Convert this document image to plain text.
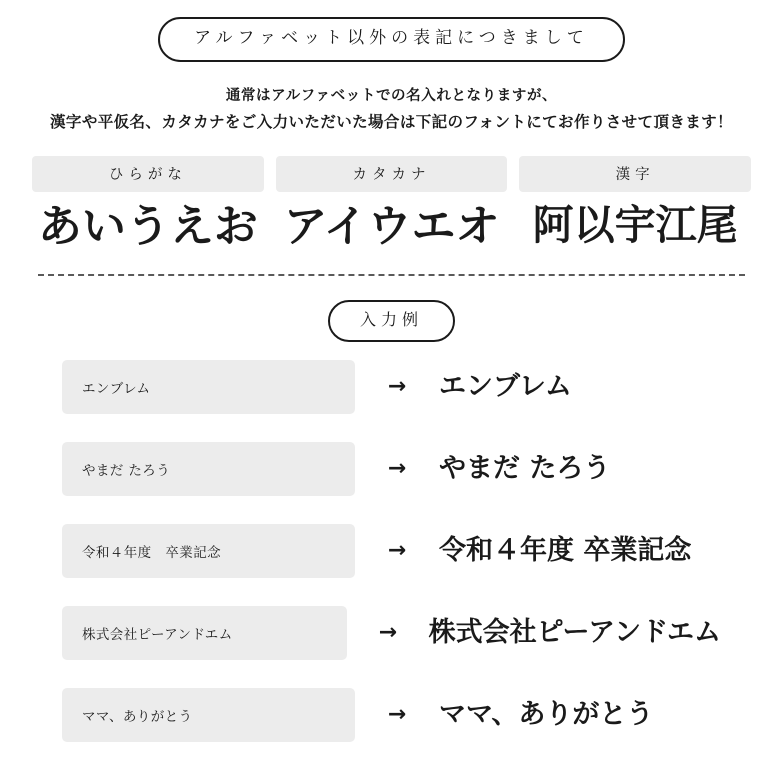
アルファベット以外の表記につきまして
通常はアルファベットでの名入れとなりますが、
漢字や平仮名、カタカナをご入力いただいた場合は下記のフォントにてお作りさせて頂きます！
ひらがな
あいうえお
カタカナ
アイウエオ
漢字
阿以宇江尾
入力例
エンブレム	→	エンブレム
やまだ たろう	→	やまだ たろう
令和４年度　卒業記念	→	令和４年度 卒業記念
株式会社ピーアンドエム	→	株式会社ピーアンドエム
ママ、ありがとう	→	ママ、ありがとう
